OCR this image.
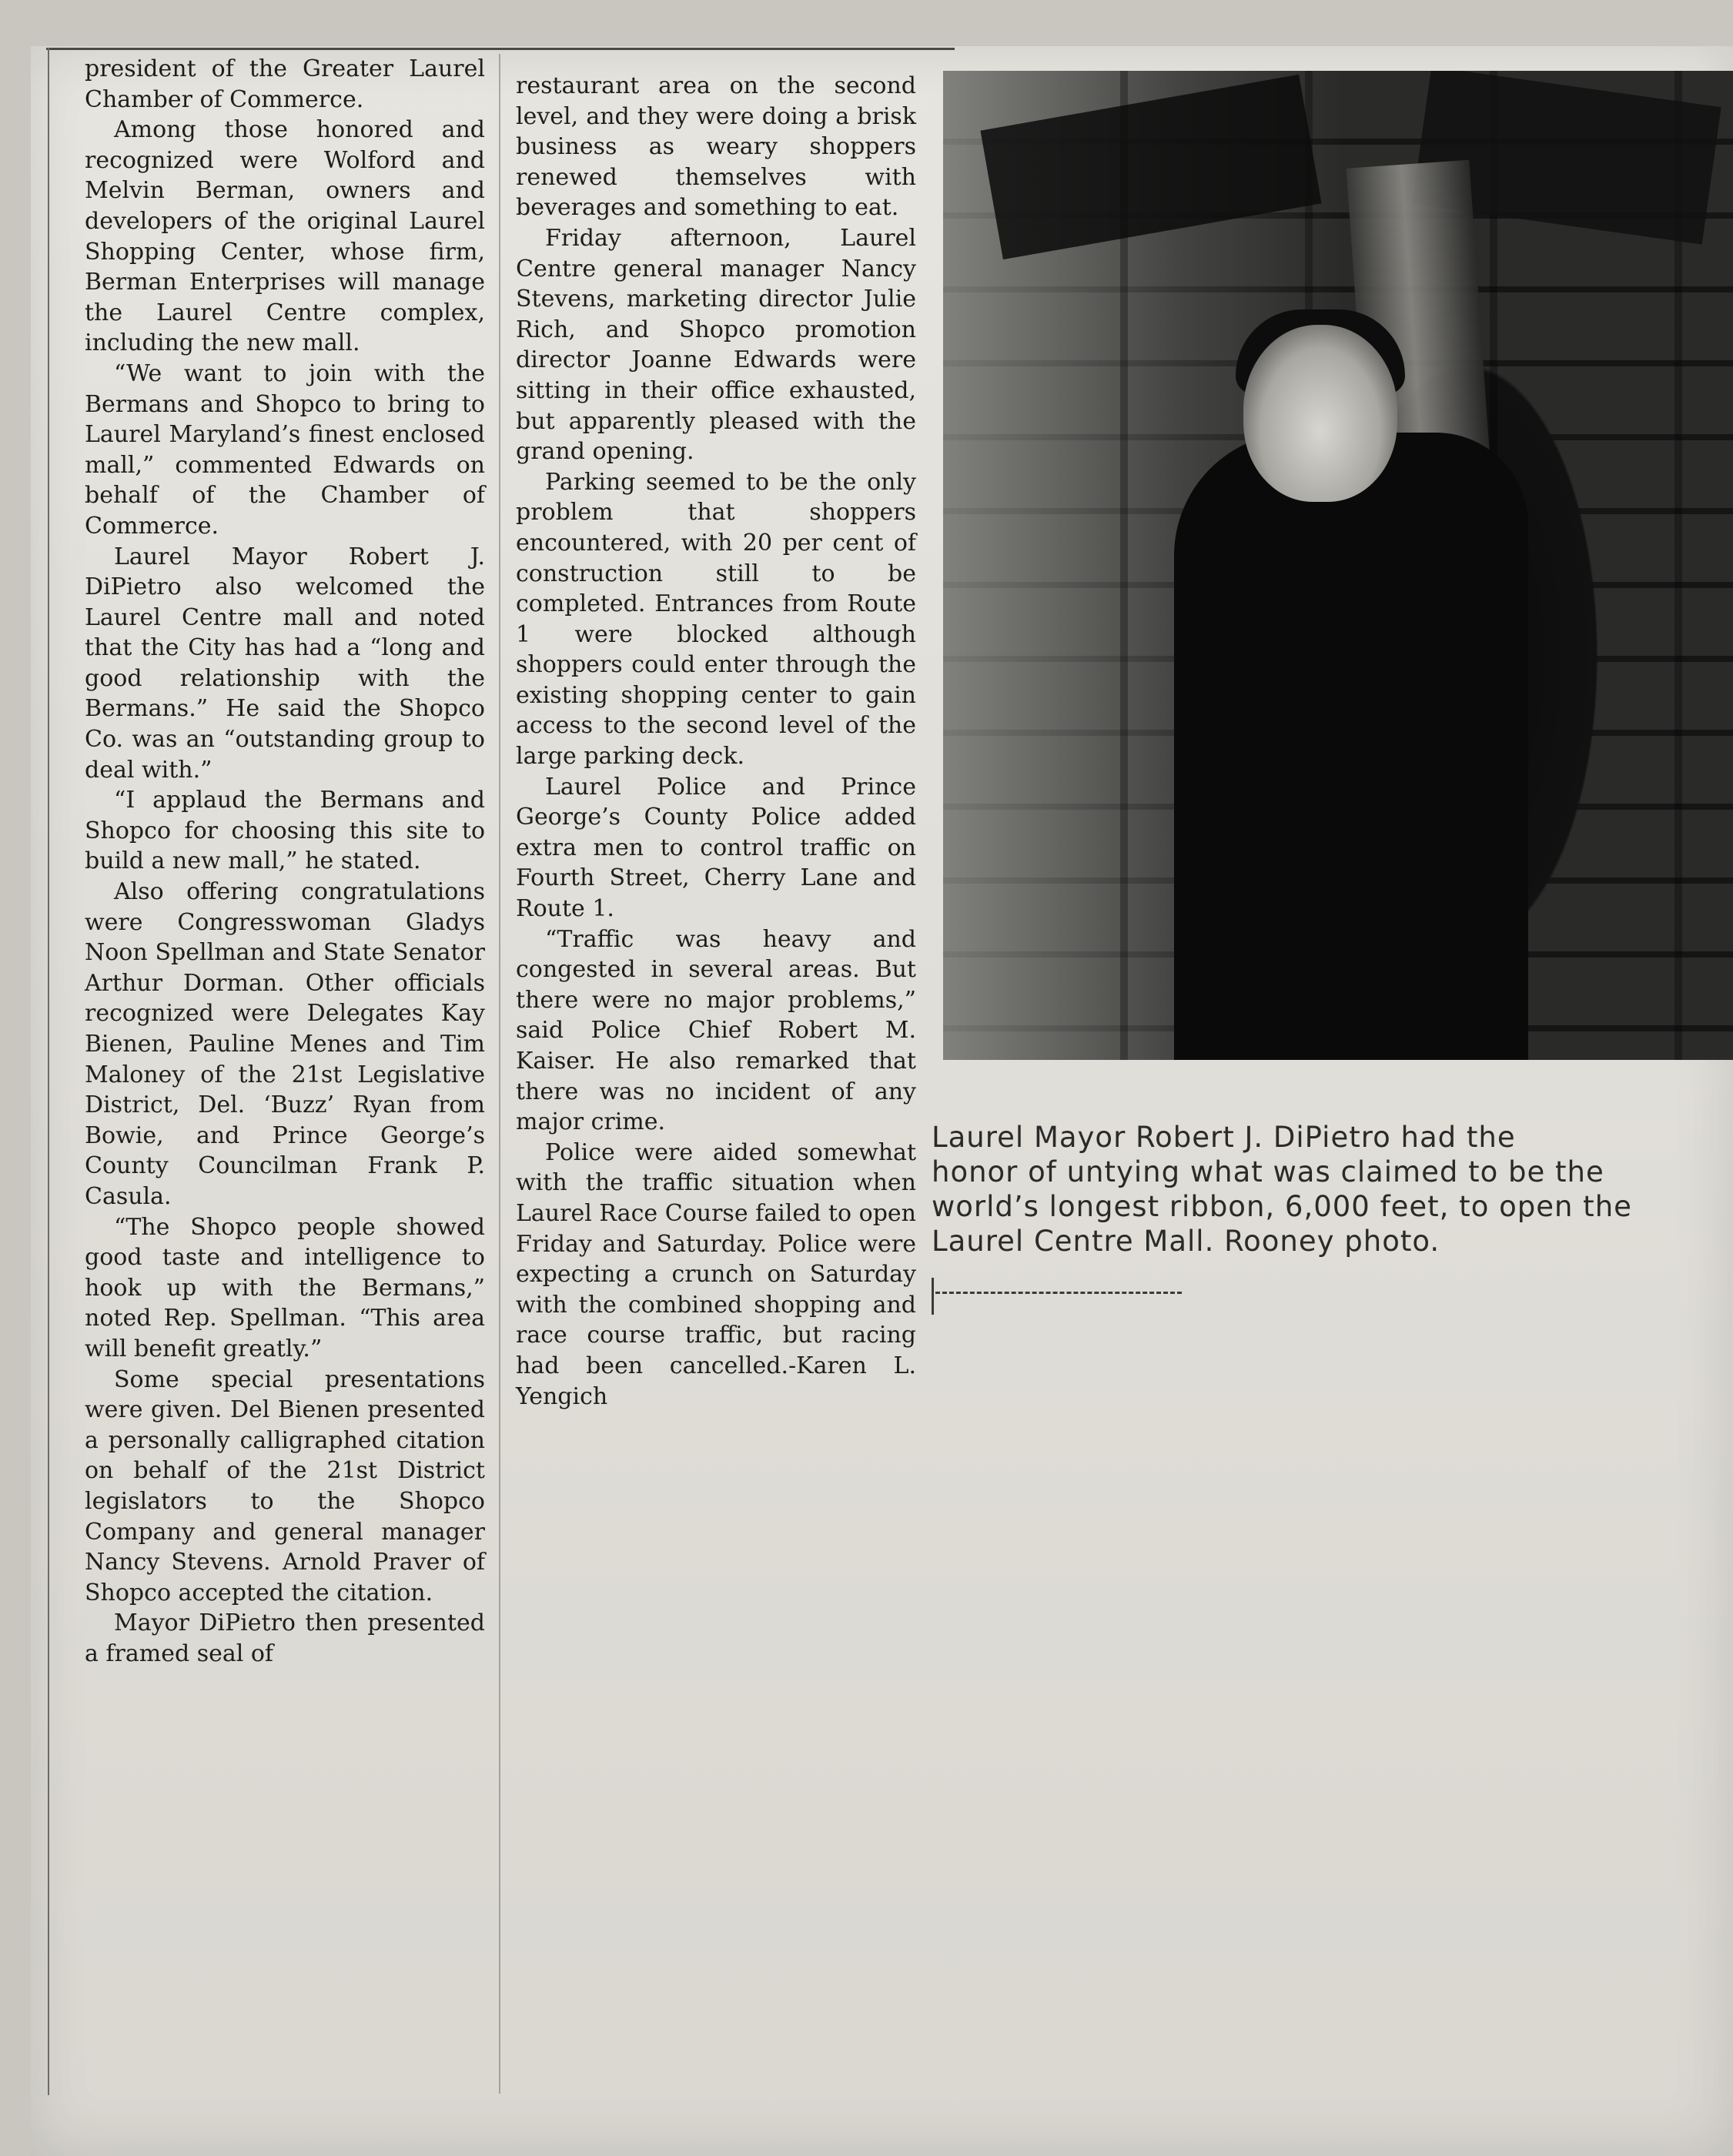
president of the Greater Laurel Chamber of Commerce.

Among those honored and recognized were Wolford and Melvin Berman, owners and developers of the original Laurel Shopping Center, whose firm, Berman Enterprises will manage the Laurel Centre complex, including the new mall.

“We want to join with the Bermans and Shopco to bring to Laurel Maryland’s finest enclosed mall,” commented Edwards on behalf of the Chamber of Commerce.

Laurel Mayor Robert J. DiPietro also welcomed the Laurel Centre mall and noted that the City has had a “long and good relationship with the Bermans.” He said the Shopco Co. was an “outstanding group to deal with.”

“I applaud the Bermans and Shopco for choosing this site to build a new mall,” he stated.

Also offering congratulations were Congresswoman Gladys Noon Spellman and State Senator Arthur Dorman. Other officials recognized were Delegates Kay Bienen, Pauline Menes and Tim Maloney of the 21st Legislative District, Del. ‘Buzz’ Ryan from Bowie, and Prince George’s County Councilman Frank P. Casula.

“The Shopco people showed good taste and intelligence to hook up with the Bermans,” noted Rep. Spellman. “This area will benefit greatly.”

Some special presentations were given. Del Bienen presented a personally calligraphed citation on behalf of the 21st District legislators to the Shopco Company and general manager Nancy Stevens. Arnold Praver of Shopco accepted the citation.

Mayor DiPietro then presented a framed seal of

restaurant area on the second level, and they were doing a brisk business as weary shoppers renewed themselves with beverages and something to eat.

Friday afternoon, Laurel Centre general manager Nancy Stevens, marketing director Julie Rich, and Shopco promotion director Joanne Edwards were sitting in their office exhausted, but apparently pleased with the grand opening.

Parking seemed to be the only problem that shoppers encountered, with 20 per cent of construction still to be completed. Entrances from Route 1 were blocked although shoppers could enter through the existing shopping center to gain access to the second level of the large parking deck.

Laurel Police and Prince George’s County Police added extra men to control traffic on Fourth Street, Cherry Lane and Route 1.

“Traffic was heavy and congested in several areas. But there were no major problems,” said Police Chief Robert M. Kaiser. He also remarked that there was no incident of any major crime.

Police were aided somewhat with the traffic situation when Laurel Race Course failed to open Friday and Saturday. Police were expecting a crunch on Saturday with the combined shopping and race course traffic, but racing had been cancelled.-Karen L. Yengich

Laurel Mayor Robert J. DiPietro had the
honor of untying what was claimed to be the
world’s longest ribbon, 6,000 feet, to open the
Laurel Centre Mall. Rooney photo.
